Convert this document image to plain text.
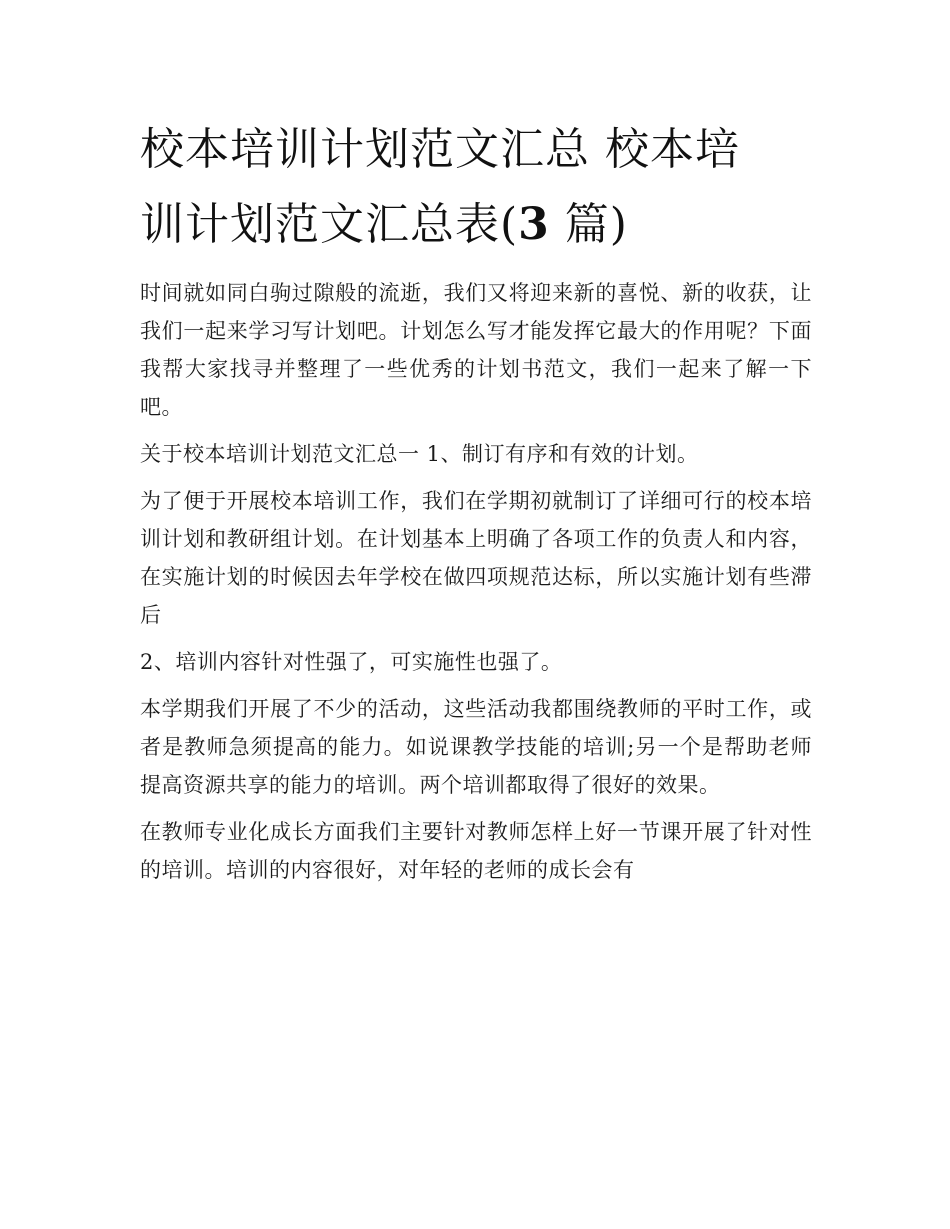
校本培训计划范文汇总 校本培
训计划范文汇总表(3 篇)

时间就如同白驹过隙般的流逝，我们又将迎来新的喜悦、新的收获，让我们一起来学习写计划吧。计划怎么写才能发挥它最大的作用呢？下面我帮大家找寻并整理了一些优秀的计划书范文，我们一起来了解一下吧。

关于校本培训计划范文汇总一 1、制订有序和有效的计划。

为了便于开展校本培训工作，我们在学期初就制订了详细可行的校本培训计划和教研组计划。在计划基本上明确了各项工作的负责人和内容，在实施计划的时候因去年学校在做四项规范达标，所以实施计划有些滞后

2、培训内容针对性强了，可实施性也强了。

本学期我们开展了不少的活动，这些活动我都围绕教师的平时工作，或者是教师急须提高的能力。如说课教学技能的培训;另一个是帮助老师提高资源共享的能力的培训。两个培训都取得了很好的效果。

在教师专业化成长方面我们主要针对教师怎样上好一节课开展了针对性的培训。培训的内容很好，对年轻的老师的成长会有
